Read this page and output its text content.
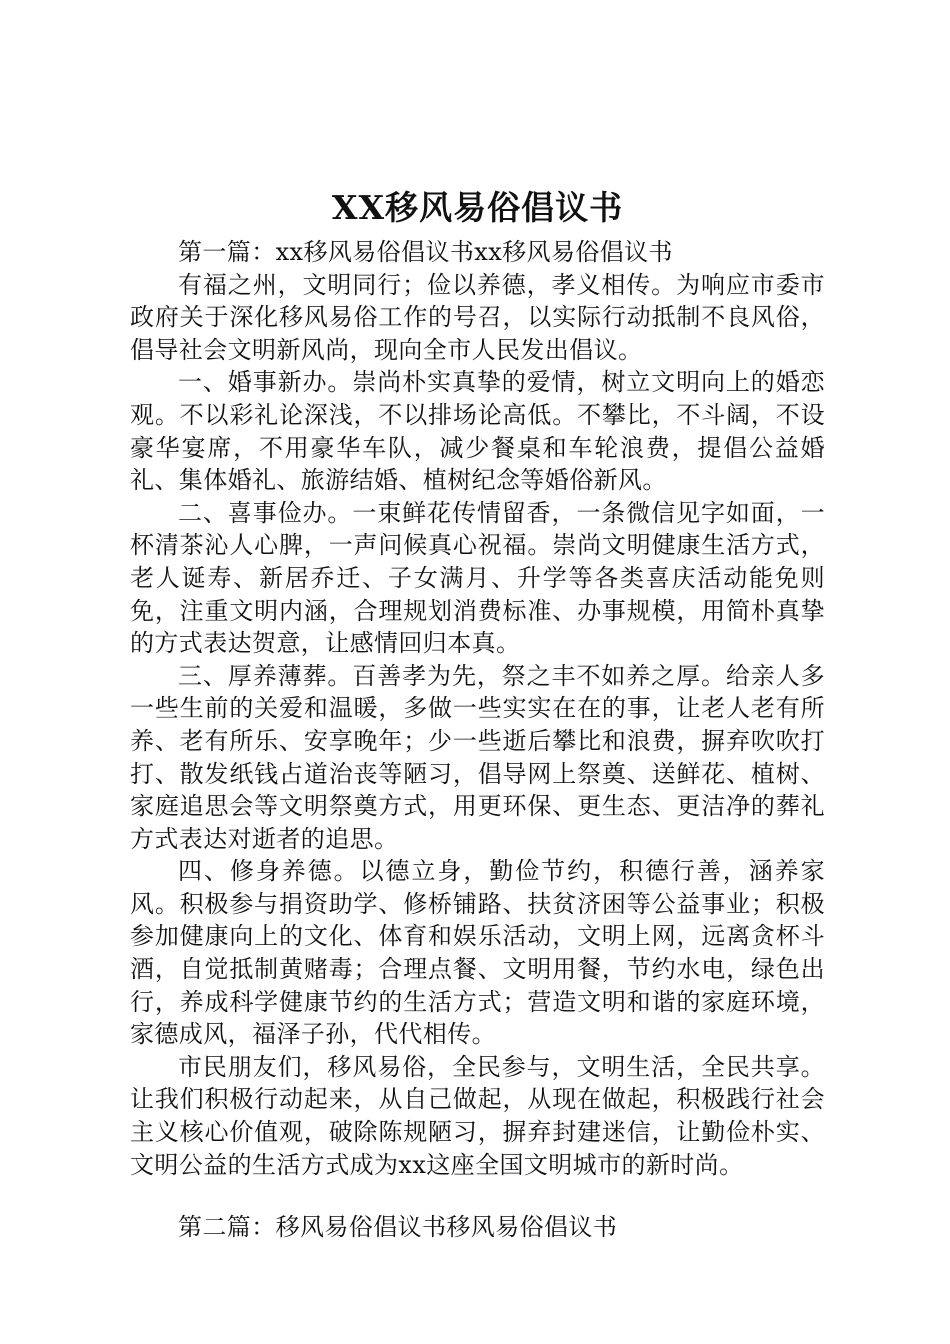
XX移风易俗倡议书

第一篇：xx移风易俗倡议书xx移风易俗倡议书

有福之州，文明同行；俭以养德，孝义相传。为响应市委市政府关于深化移风易俗工作的号召，以实际行动抵制不良风俗，倡导社会文明新风尚，现向全市人民发出倡议。

一、婚事新办。崇尚朴实真挚的爱情，树立文明向上的婚恋观。不以彩礼论深浅，不以排场论高低。不攀比，不斗阔，不设豪华宴席，不用豪华车队，减少餐桌和车轮浪费，提倡公益婚礼、集体婚礼、旅游结婚、植树纪念等婚俗新风。

二、喜事俭办。一束鲜花传情留香，一条微信见字如面，一杯清茶沁人心脾，一声问候真心祝福。崇尚文明健康生活方式，老人诞寿、新居乔迁、子女满月、升学等各类喜庆活动能免则免，注重文明内涵，合理规划消费标准、办事规模，用简朴真挚的方式表达贺意，让感情回归本真。

三、厚养薄葬。百善孝为先，祭之丰不如养之厚。给亲人多一些生前的关爱和温暖，多做一些实实在在的事，让老人老有所养、老有所乐、安享晚年；少一些逝后攀比和浪费，摒弃吹吹打打、散发纸钱占道治丧等陋习，倡导网上祭奠、送鲜花、植树、家庭追思会等文明祭奠方式，用更环保、更生态、更洁净的葬礼方式表达对逝者的追思。

四、修身养德。以德立身，勤俭节约，积德行善，涵养家风。积极参与捐资助学、修桥铺路、扶贫济困等公益事业；积极参加健康向上的文化、体育和娱乐活动，文明上网，远离贪杯斗酒，自觉抵制黄赌毒；合理点餐、文明用餐，节约水电，绿色出行，养成科学健康节约的生活方式；营造文明和谐的家庭环境，家德成风，福泽子孙，代代相传。

市民朋友们，移风易俗，全民参与，文明生活，全民共享。让我们积极行动起来，从自己做起，从现在做起，积极践行社会主义核心价值观，破除陈规陋习，摒弃封建迷信，让勤俭朴实、文明公益的生活方式成为xx这座全国文明城市的新时尚。

第二篇：移风易俗倡议书移风易俗倡议书
